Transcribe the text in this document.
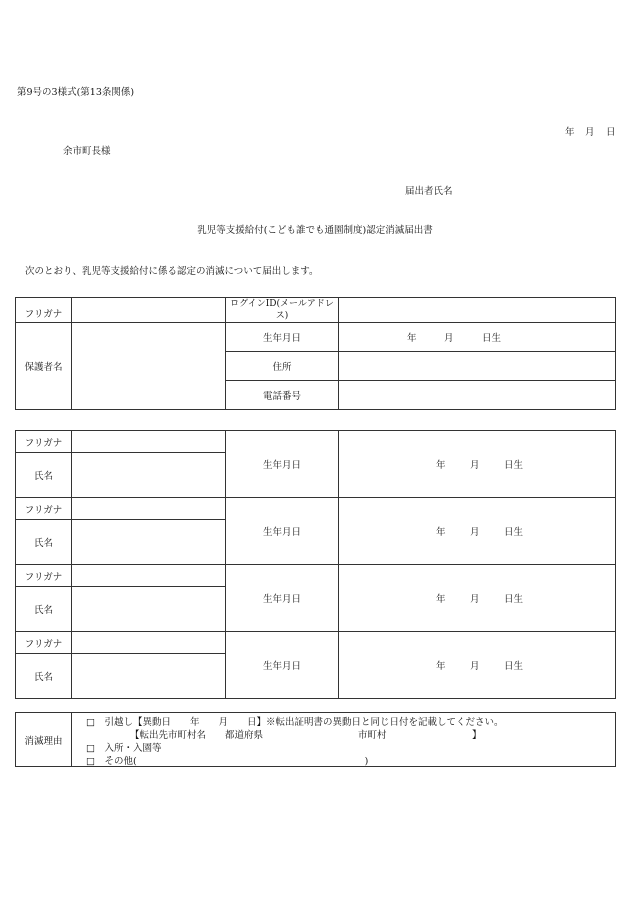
第9号の3様式(第13条関係)
年 月 日
余市町長様
届出者氏名
乳児等支援給付(こども誰でも通園制度)認定消滅届出書
次のとおり、乳児等支援給付に係る認定の消滅について届出します。
フリガナ		ログインID(メールアドレス)	
保護者名		生年月日	年 月 日生

		住所	
		電話番号	
フリガナ		生年月日	年 月 日生

氏名			
フリガナ		生年月日	年 月 日生

氏名			
フリガナ		生年月日	年 月 日生

氏名			
フリガナ		生年月日	年 月 日生

氏名			
消滅理由	
□　引越し【異動日　　年　　月　　日】※転出証明書の異動日と同じ日付を記載してください。
【転出先市町村名　　都道府県　　　　　　　　　　市町村　　　　　　　　　】
□　入所・入園等
□　その他(　　　　　　　　　　　　　　　　　　　　　　　　)
